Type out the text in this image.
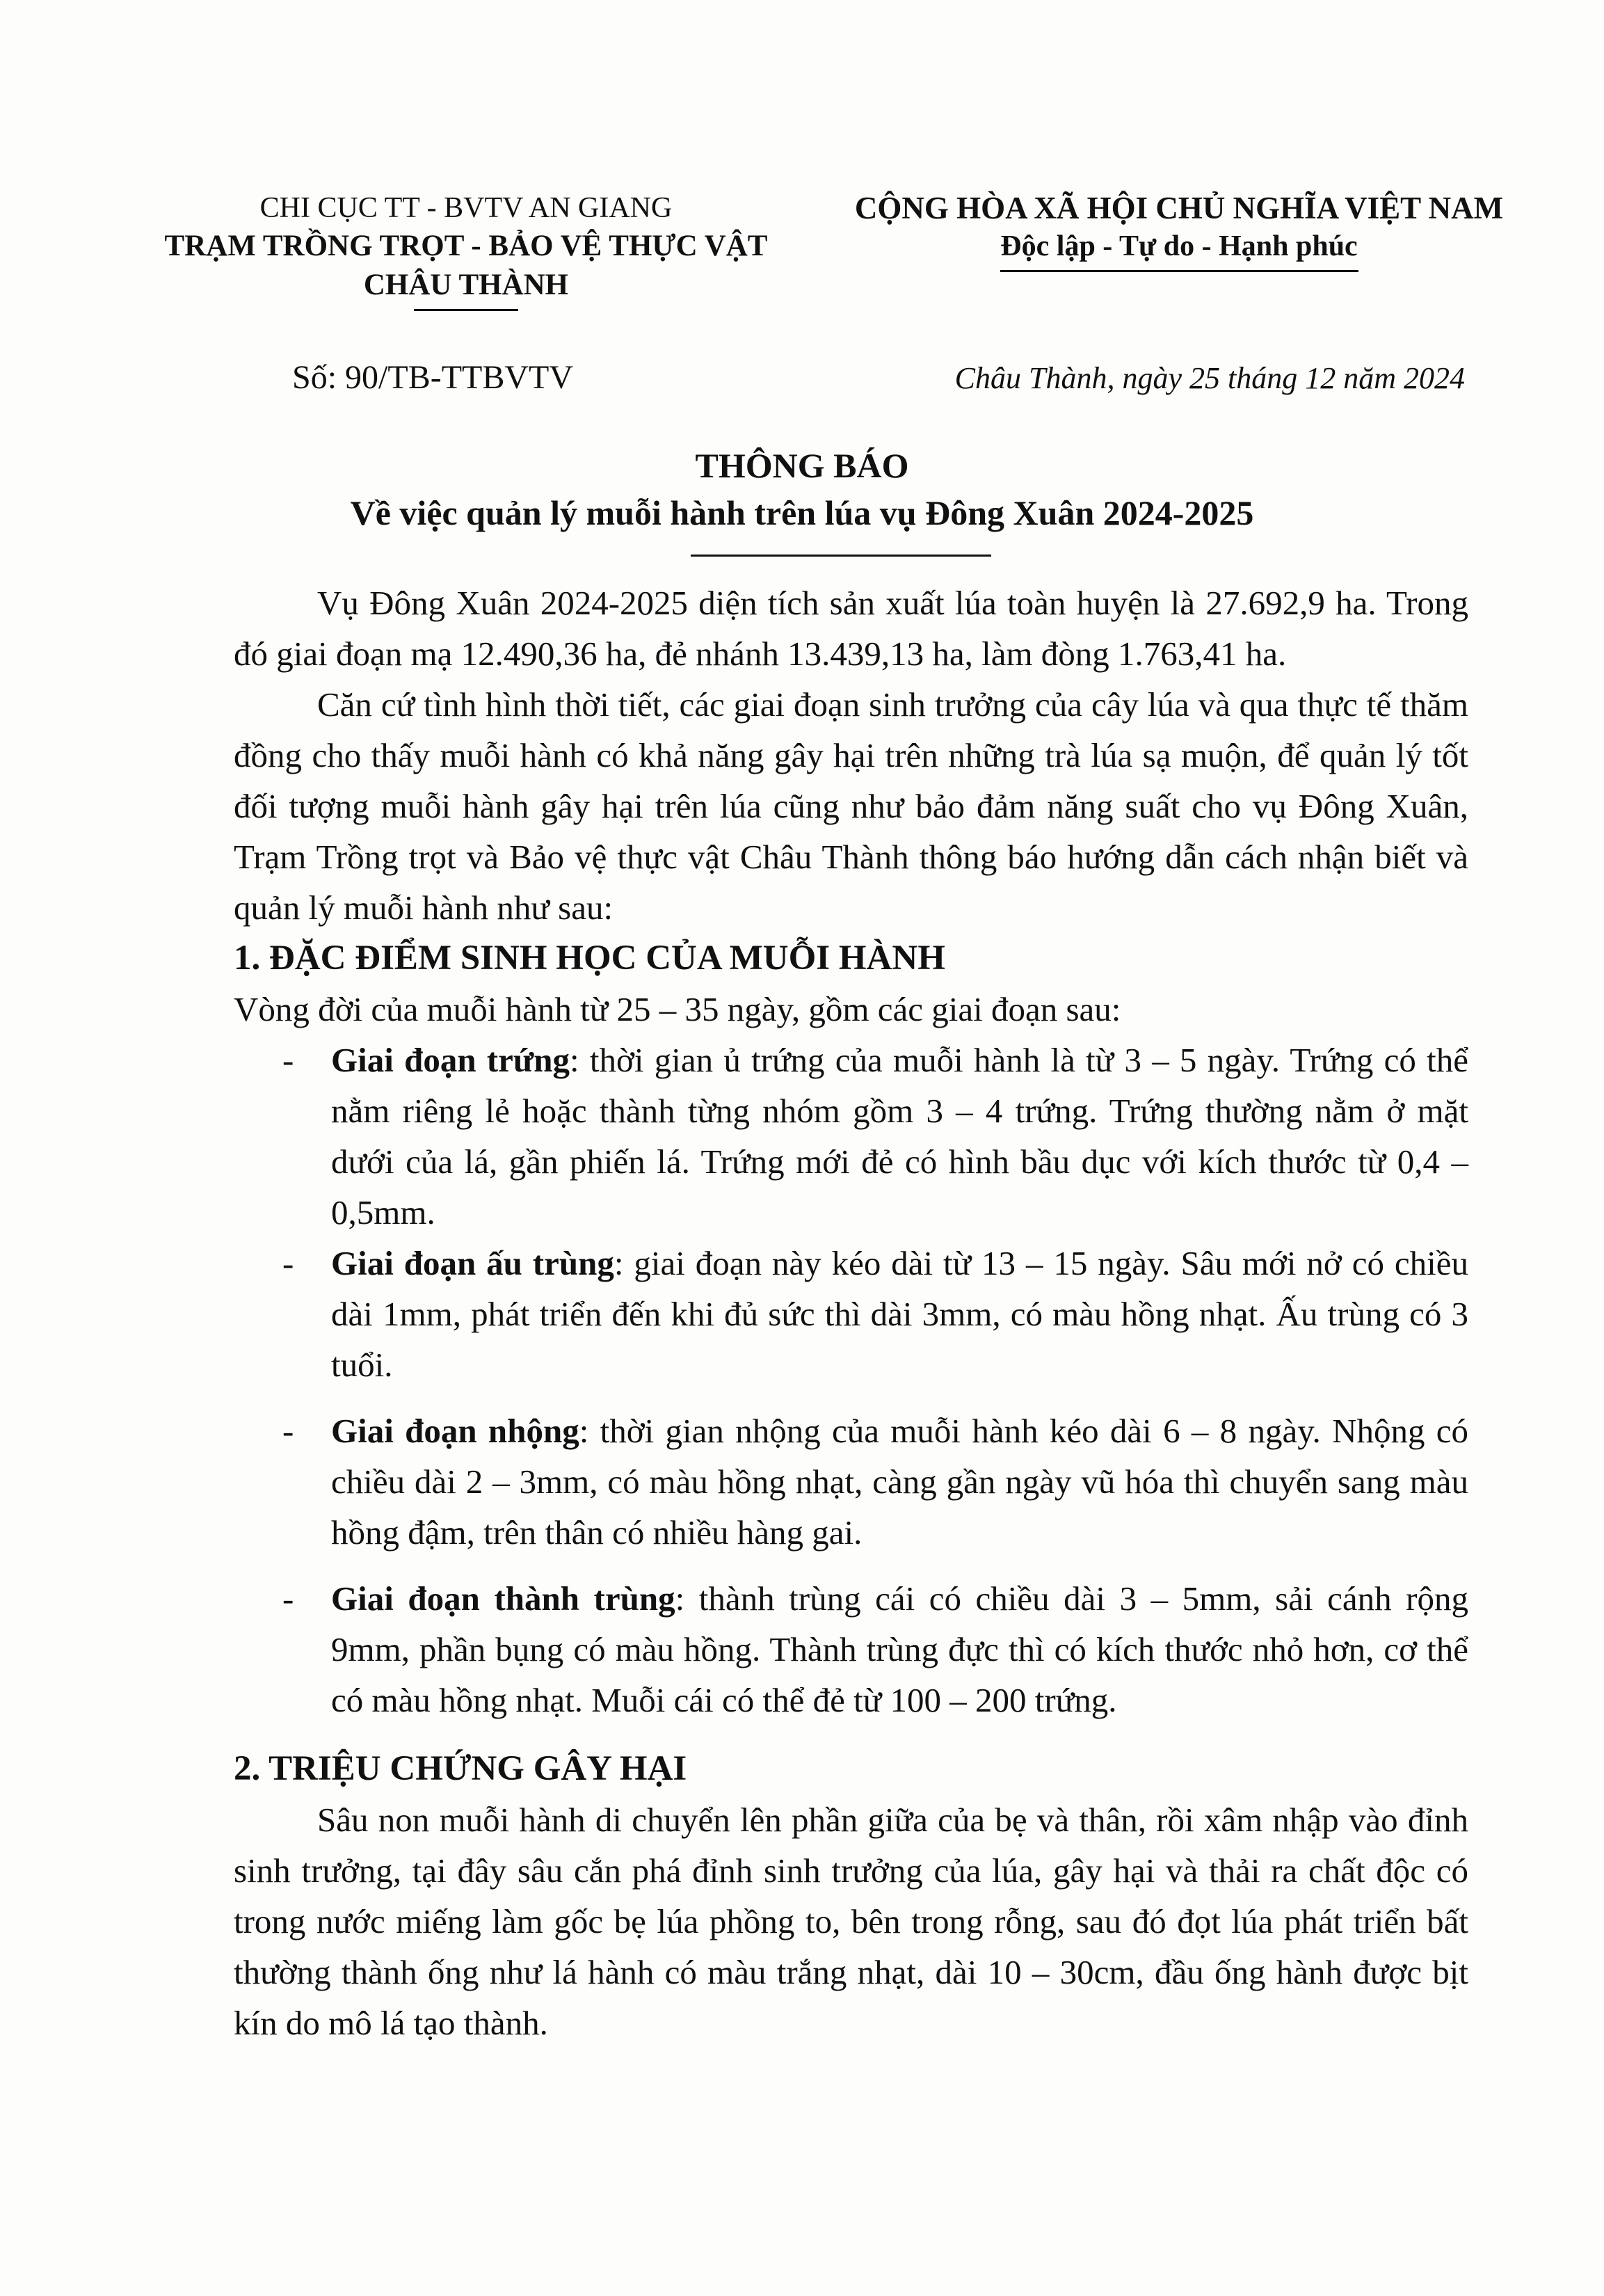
CHI CỤC TT - BVTV AN GIANG
TRẠM TRỒNG TRỌT - BẢO VỆ THỰC VẬT
CHÂU THÀNH
CỘNG HÒA XÃ HỘI CHỦ NGHĨA VIỆT NAM
Độc lập - Tự do - Hạnh phúc
Số: 90/TB-TTBVTV	Châu Thành, ngày 25 tháng 12 năm 2024
THÔNG BÁO
Về việc quản lý muỗi hành trên lúa vụ Đông Xuân 2024-2025

Vụ Đông Xuân 2024-2025 diện tích sản xuất lúa toàn huyện là 27.692,9 ha. Trong đó giai đoạn mạ 12.490,36 ha, đẻ nhánh 13.439,13 ha, làm đòng 1.763,41 ha.

Căn cứ tình hình thời tiết, các giai đoạn sinh trưởng của cây lúa và qua thực tế thăm đồng cho thấy muỗi hành có khả năng gây hại trên những trà lúa sạ muộn, để quản lý tốt đối tượng muỗi hành gây hại trên lúa cũng như bảo đảm năng suất cho vụ Đông Xuân, Trạm Trồng trọt và Bảo vệ thực vật Châu Thành thông báo hướng dẫn cách nhận biết và quản lý muỗi hành như sau:

1. ĐẶC ĐIỂM SINH HỌC CỦA MUỖI HÀNH

Vòng đời của muỗi hành từ 25 – 35 ngày, gồm các giai đoạn sau:

- Giai đoạn trứng: thời gian ủ trứng của muỗi hành là từ 3 – 5 ngày. Trứng có thể nằm riêng lẻ hoặc thành từng nhóm gồm 3 – 4 trứng. Trứng thường nằm ở mặt dưới của lá, gần phiến lá. Trứng mới đẻ có hình bầu dục với kích thước từ 0,4 – 0,5mm.
- Giai đoạn ấu trùng: giai đoạn này kéo dài từ 13 – 15 ngày. Sâu mới nở có chiều dài 1mm, phát triển đến khi đủ sức thì dài 3mm, có màu hồng nhạt. Ấu trùng có 3 tuổi.
- Giai đoạn nhộng: thời gian nhộng của muỗi hành kéo dài 6 – 8 ngày. Nhộng có chiều dài 2 – 3mm, có màu hồng nhạt, càng gần ngày vũ hóa thì chuyển sang màu hồng đậm, trên thân có nhiều hàng gai.
- Giai đoạn thành trùng: thành trùng cái có chiều dài 3 – 5mm, sải cánh rộng 9mm, phần bụng có màu hồng. Thành trùng đực thì có kích thước nhỏ hơn, cơ thể có màu hồng nhạt. Muỗi cái có thể đẻ từ 100 – 200 trứng.
2. TRIỆU CHỨNG GÂY HẠI

Sâu non muỗi hành di chuyển lên phần giữa của bẹ và thân, rồi xâm nhập vào đỉnh sinh trưởng, tại đây sâu cắn phá đỉnh sinh trưởng của lúa, gây hại và thải ra chất độc có trong nước miếng làm gốc bẹ lúa phồng to, bên trong rỗng, sau đó đọt lúa phát triển bất thường thành ống như lá hành có màu trắng nhạt, dài 10 – 30cm, đầu ống hành được bịt kín do mô lá tạo thành.
